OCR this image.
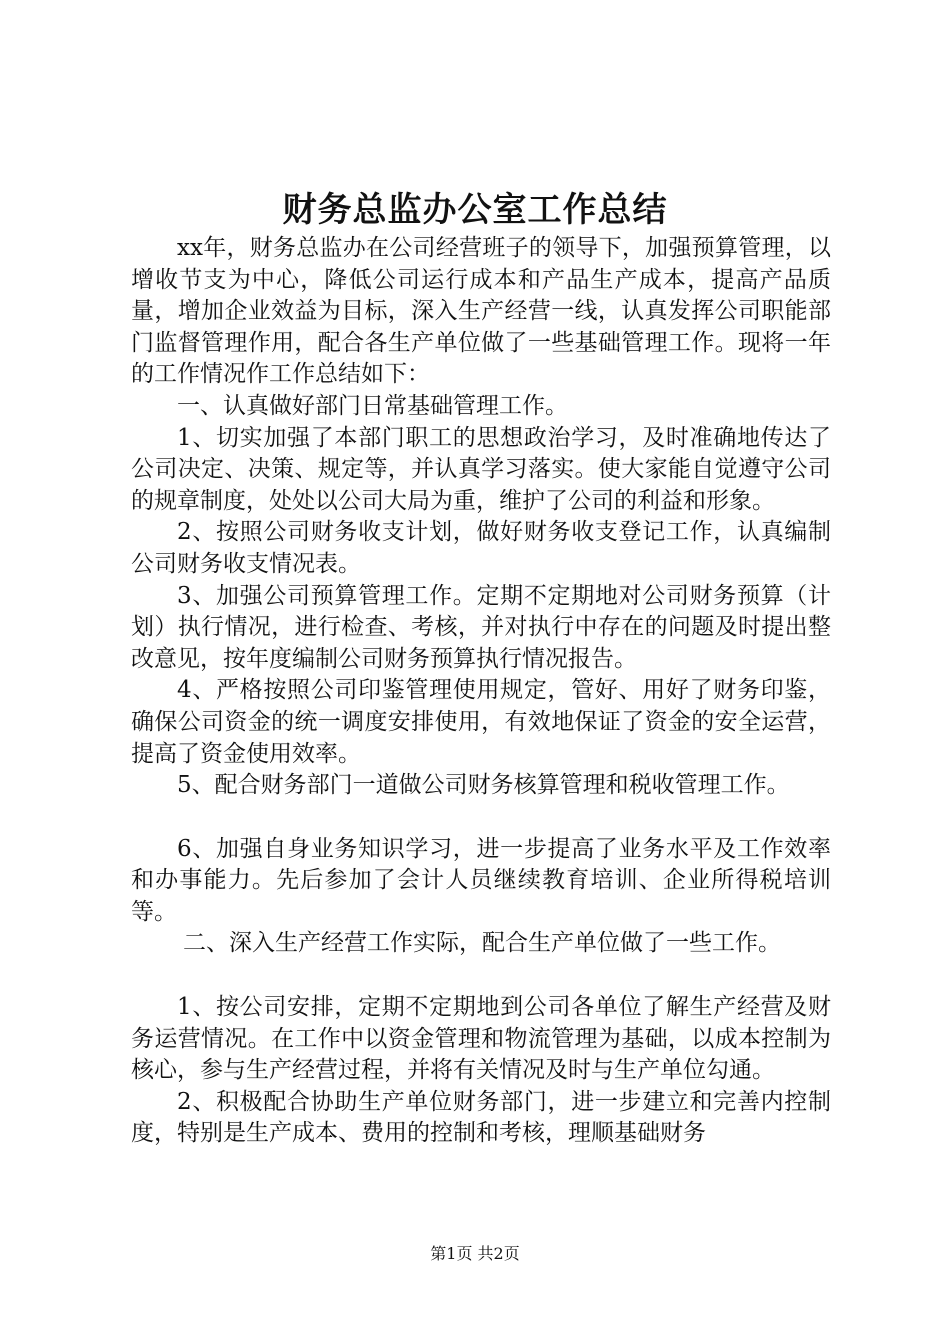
财务总监办公室工作总结

xx年，财务总监办在公司经营班子的领导下，加强预算管理，以增收节支为中心，降低公司运行成本和产品生产成本，提高产品质量，增加企业效益为目标，深入生产经营一线，认真发挥公司职能部门监督管理作用，配合各生产单位做了一些基础管理工作。现将一年的工作情况作工作总结如下：

一、认真做好部门日常基础管理工作。

1、切实加强了本部门职工的思想政治学习，及时准确地传达了公司决定、决策、规定等，并认真学习落实。使大家能自觉遵守公司的规章制度，处处以公司大局为重，维护了公司的利益和形象。

2、按照公司财务收支计划，做好财务收支登记工作，认真编制公司财务收支情况表。

3、加强公司预算管理工作。定期不定期地对公司财务预算（计划）执行情况，进行检查、考核，并对执行中存在的问题及时提出整改意见，按年度编制公司财务预算执行情况报告。

4、严格按照公司印鉴管理使用规定，管好、用好了财务印鉴，确保公司资金的统一调度安排使用，有效地保证了资金的安全运营，提高了资金使用效率。

5、配合财务部门一道做公司财务核算管理和税收管理工作。

6、加强自身业务知识学习，进一步提高了业务水平及工作效率和办事能力。先后参加了会计人员继续教育培训、企业所得税培训等。

二、深入生产经营工作实际，配合生产单位做了一些工作。

1、按公司安排，定期不定期地到公司各单位了解生产经营及财务运营情况。在工作中以资金管理和物流管理为基础，以成本控制为核心，参与生产经营过程，并将有关情况及时与生产单位勾通。

2、积极配合协助生产单位财务部门，进一步建立和完善内控制度，特别是生产成本、费用的控制和考核，理顺基础财务

第1页 共2页
